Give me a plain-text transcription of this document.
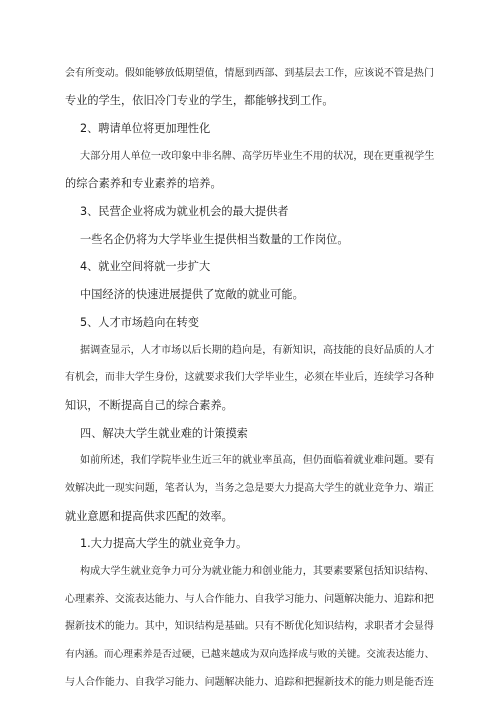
会有所变动。假如能够放低期望值，情愿到西部、到基层去工作，应该说不管是热门
专业的学生，依旧冷门专业的学生，都能够找到工作。
2、聘请单位将更加理性化
大部分用人单位一改印象中非名牌、高学历毕业生不用的状况，现在更重视学生
的综合素养和专业素养的培养。
3、民营企业将成为就业机会的最大提供者
一些名企仍将为大学毕业生提供相当数量的工作岗位。
4、就业空间将就一步扩大
中国经济的快速进展提供了宽敞的就业可能。
5、人才市场趋向在转变
据调查显示，人才市场以后长期的趋向是，有新知识，高技能的良好品质的人才
有机会，而非大学生身份，这就要求我们大学毕业生，必须在毕业后，连续学习各种
知识，不断提高自己的综合素养。
四、解决大学生就业难的计策摸索
如前所述，我们学院毕业生近三年的就业率虽高，但仍面临着就业难问题。要有
效解决此一现实问题，笔者认为，当务之急是要大力提高大学生的就业竞争力、端正
就业意愿和提高供求匹配的效率。
1.大力提高大学生的就业竞争力。
构成大学生就业竞争力可分为就业能力和创业能力，其要素要紧包括知识结构、
心理素养、交流表达能力、与人合作能力、自我学习能力、问题解决能力、追踪和把
握新技术的能力。其中，知识结构是基础。只有不断优化知识结构，求职者才会显得
有内涵。而心理素养是否过硬，已越来越成为双向选择成与败的关键。交流表达能力、
与人合作能力、自我学习能力、问题解决能力、追踪和把握新技术的能力则是能否连
